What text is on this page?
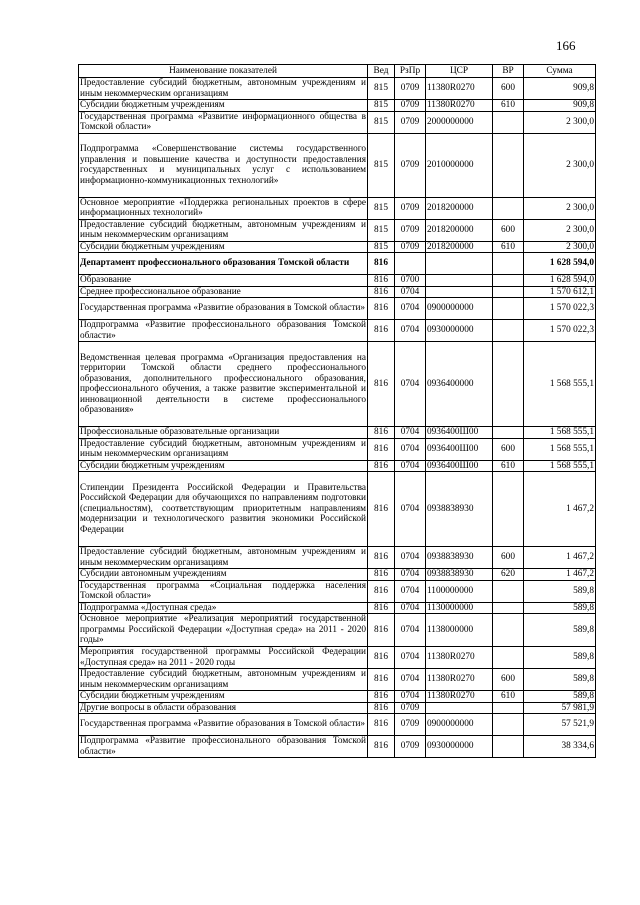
166
Наименование показателей	Вед	РзПр	ЦСР	ВР	Сумма
Предоставление субсидий бюджетным, автономным учреждениям и иным некоммерческим организациям	815	0709	11380R0270	600	909,8
Субсидии бюджетным учреждениям	815	0709	11380R0270	610	909,8
Государственная программа «Развитие информационного общества в Томской области»	815	0709	2000000000		2 300,0
Подпрограмма «Совершенствование системы государственного управления и повышение качества и доступности предоставления государственных и муниципальных услуг с использованием информационно-коммуникационных технологий»	815	0709	2010000000		2 300,0
Основное мероприятие «Поддержка региональных проектов в сфере информационных технологий»	815	0709	2018200000		2 300,0
Предоставление субсидий бюджетным, автономным учреждениям и иным некоммерческим организациям	815	0709	2018200000	600	2 300,0
Субсидии бюджетным учреждениям	815	0709	2018200000	610	2 300,0
Департамент профессионального образования Томской области	816				1 628 594,0
Образование	816	0700			1 628 594,0
Среднее профессиональное образование	816	0704			1 570 612,1
Государственная программа «Развитие образования в Томской области»	816	0704	0900000000		1 570 022,3
Подпрограмма «Развитие профессионального образования Томской области»	816	0704	0930000000		1 570 022,3
Ведомственная целевая программа «Организация предоставления на территории Томской области среднего профессионального образования, дополнительного профессионального образования, профессионального обучения, а также развитие экспериментальной и инновационной деятельности в системе профессионального образования»	816	0704	0936400000		1 568 555,1
Профессиональные образовательные организации	816	0704	0936400Ш00		1 568 555,1
Предоставление субсидий бюджетным, автономным учреждениям и иным некоммерческим организациям	816	0704	0936400Ш00	600	1 568 555,1
Субсидии бюджетным учреждениям	816	0704	0936400Ш00	610	1 568 555,1
Стипендии Президента Российской Федерации и Правительства Российской Федерации для обучающихся по направлениям подготовки (специальностям), соответствующим приоритетным направлениям модернизации и технологического развития экономики Российской Федерации	816	0704	0938838930		1 467,2
Предоставление субсидий бюджетным, автономным учреждениям и иным некоммерческим организациям	816	0704	0938838930	600	1 467,2
Субсидии автономным учреждениям	816	0704	0938838930	620	1 467,2
Государственная программа «Социальная поддержка населения Томской области»	816	0704	1100000000		589,8
Подпрограмма «Доступная среда»	816	0704	1130000000		589,8
Основное мероприятие «Реализация мероприятий государственной программы Российской Федерации «Доступная среда» на 2011 - 2020 годы»	816	0704	1138000000		589,8
Мероприятия государственной программы Российской Федерации «Доступная среда» на 2011 - 2020 годы	816	0704	11380R0270		589,8
Предоставление субсидий бюджетным, автономным учреждениям и иным некоммерческим организациям	816	0704	11380R0270	600	589,8
Субсидии бюджетным учреждениям	816	0704	11380R0270	610	589,8
Другие вопросы в области образования	816	0709			57 981,9
Государственная программа «Развитие образования в Томской области»	816	0709	0900000000		57 521,9
Подпрограмма «Развитие профессионального образования Томской области»	816	0709	0930000000		38 334,6
